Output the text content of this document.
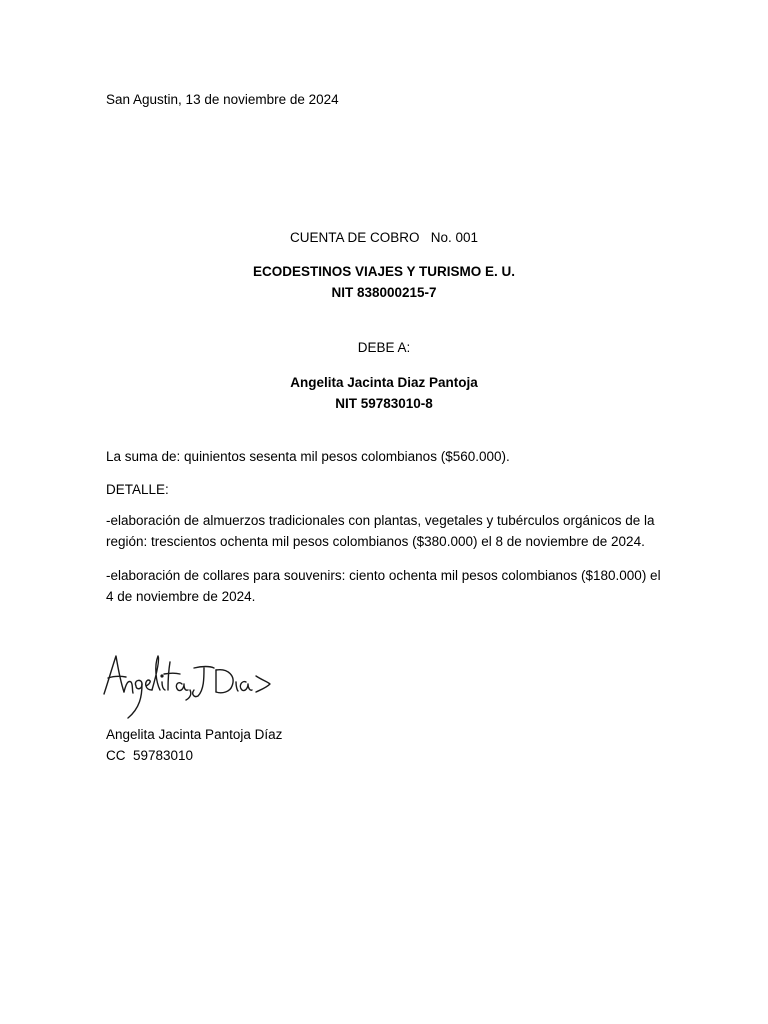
San Agustin, 13 de noviembre de 2024
CUENTA DE COBRO   No. 001
ECODESTINOS VIAJES Y TURISMO E. U.
NIT 838000215-7
DEBE A:
Angelita Jacinta Diaz Pantoja
NIT 59783010-8
La suma de: quinientos sesenta mil pesos colombianos ($560.000).
DETALLE:
-elaboración de almuerzos tradicionales con plantas, vegetales y tubérculos orgánicos de la región: trescientos ochenta mil pesos colombianos ($380.000) el 8 de noviembre de 2024.
-elaboración de collares para souvenirs: ciento ochenta mil pesos colombianos ($180.000) el 4 de noviembre de 2024.
Angelita Jacinta Pantoja Díaz
CC  59783010
